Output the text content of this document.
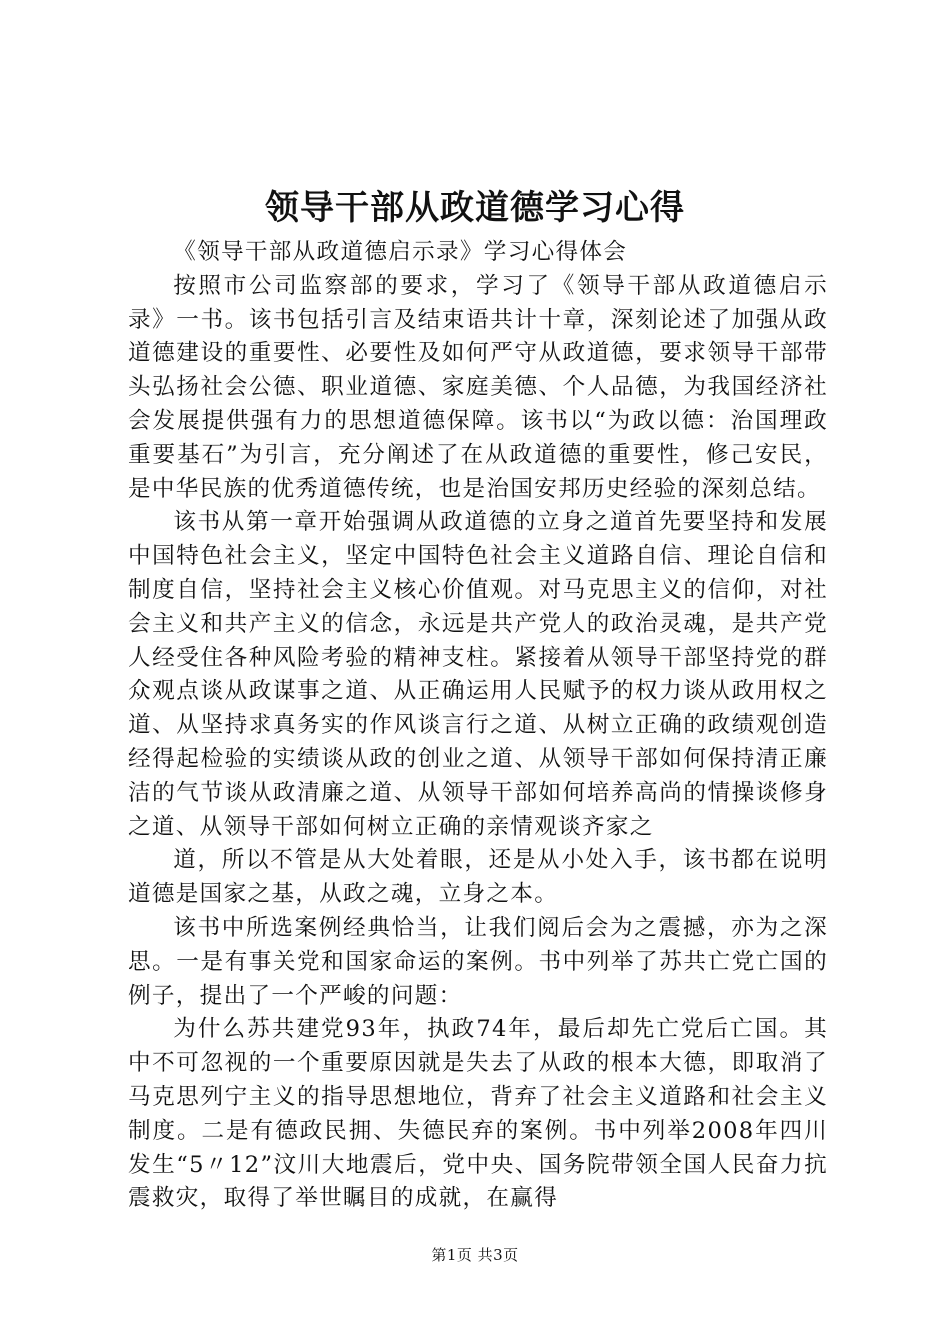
领导干部从政道德学习心得

《领导干部从政道德启示录》学习心得体会

按照市公司监察部的要求，学习了《领导干部从政道德启示录》一书。该书包括引言及结束语共计十章，深刻论述了加强从政道德建设的重要性、必要性及如何严守从政道德，要求领导干部带头弘扬社会公德、职业道德、家庭美德、个人品德，为我国经济社会发展提供强有力的思想道德保障。该书以“为政以德：治国理政重要基石”为引言，充分阐述了在从政道德的重要性，修己安民，是中华民族的优秀道德传统，也是治国安邦历史经验的深刻总结。

该书从第一章开始强调从政道德的立身之道首先要坚持和发展中国特色社会主义，坚定中国特色社会主义道路自信、理论自信和制度自信，坚持社会主义核心价值观。对马克思主义的信仰，对社会主义和共产主义的信念，永远是共产党人的政治灵魂，是共产党人经受住各种风险考验的精神支柱。紧接着从领导干部坚持党的群众观点谈从政谋事之道、从正确运用人民赋予的权力谈从政用权之道、从坚持求真务实的作风谈言行之道、从树立正确的政绩观创造经得起检验的实绩谈从政的创业之道、从领导干部如何保持清正廉洁的气节谈从政清廉之道、从领导干部如何培养高尚的情操谈修身之道、从领导干部如何树立正确的亲情观谈齐家之

道，所以不管是从大处着眼，还是从小处入手，该书都在说明道德是国家之基，从政之魂，立身之本。

该书中所选案例经典恰当，让我们阅后会为之震撼，亦为之深思。一是有事关党和国家命运的案例。书中列举了苏共亡党亡国的例子，提出了一个严峻的问题：

为什么苏共建党93年，执政74年，最后却先亡党后亡国。其中不可忽视的一个重要原因就是失去了从政的根本大德，即取消了马克思列宁主义的指导思想地位，背弃了社会主义道路和社会主义制度。二是有德政民拥、失德民弃的案例。书中列举2008年四川发生“5〃12”汶川大地震后，党中央、国务院带领全国人民奋力抗震救灾，取得了举世瞩目的成就，在赢得

第1页 共3页
